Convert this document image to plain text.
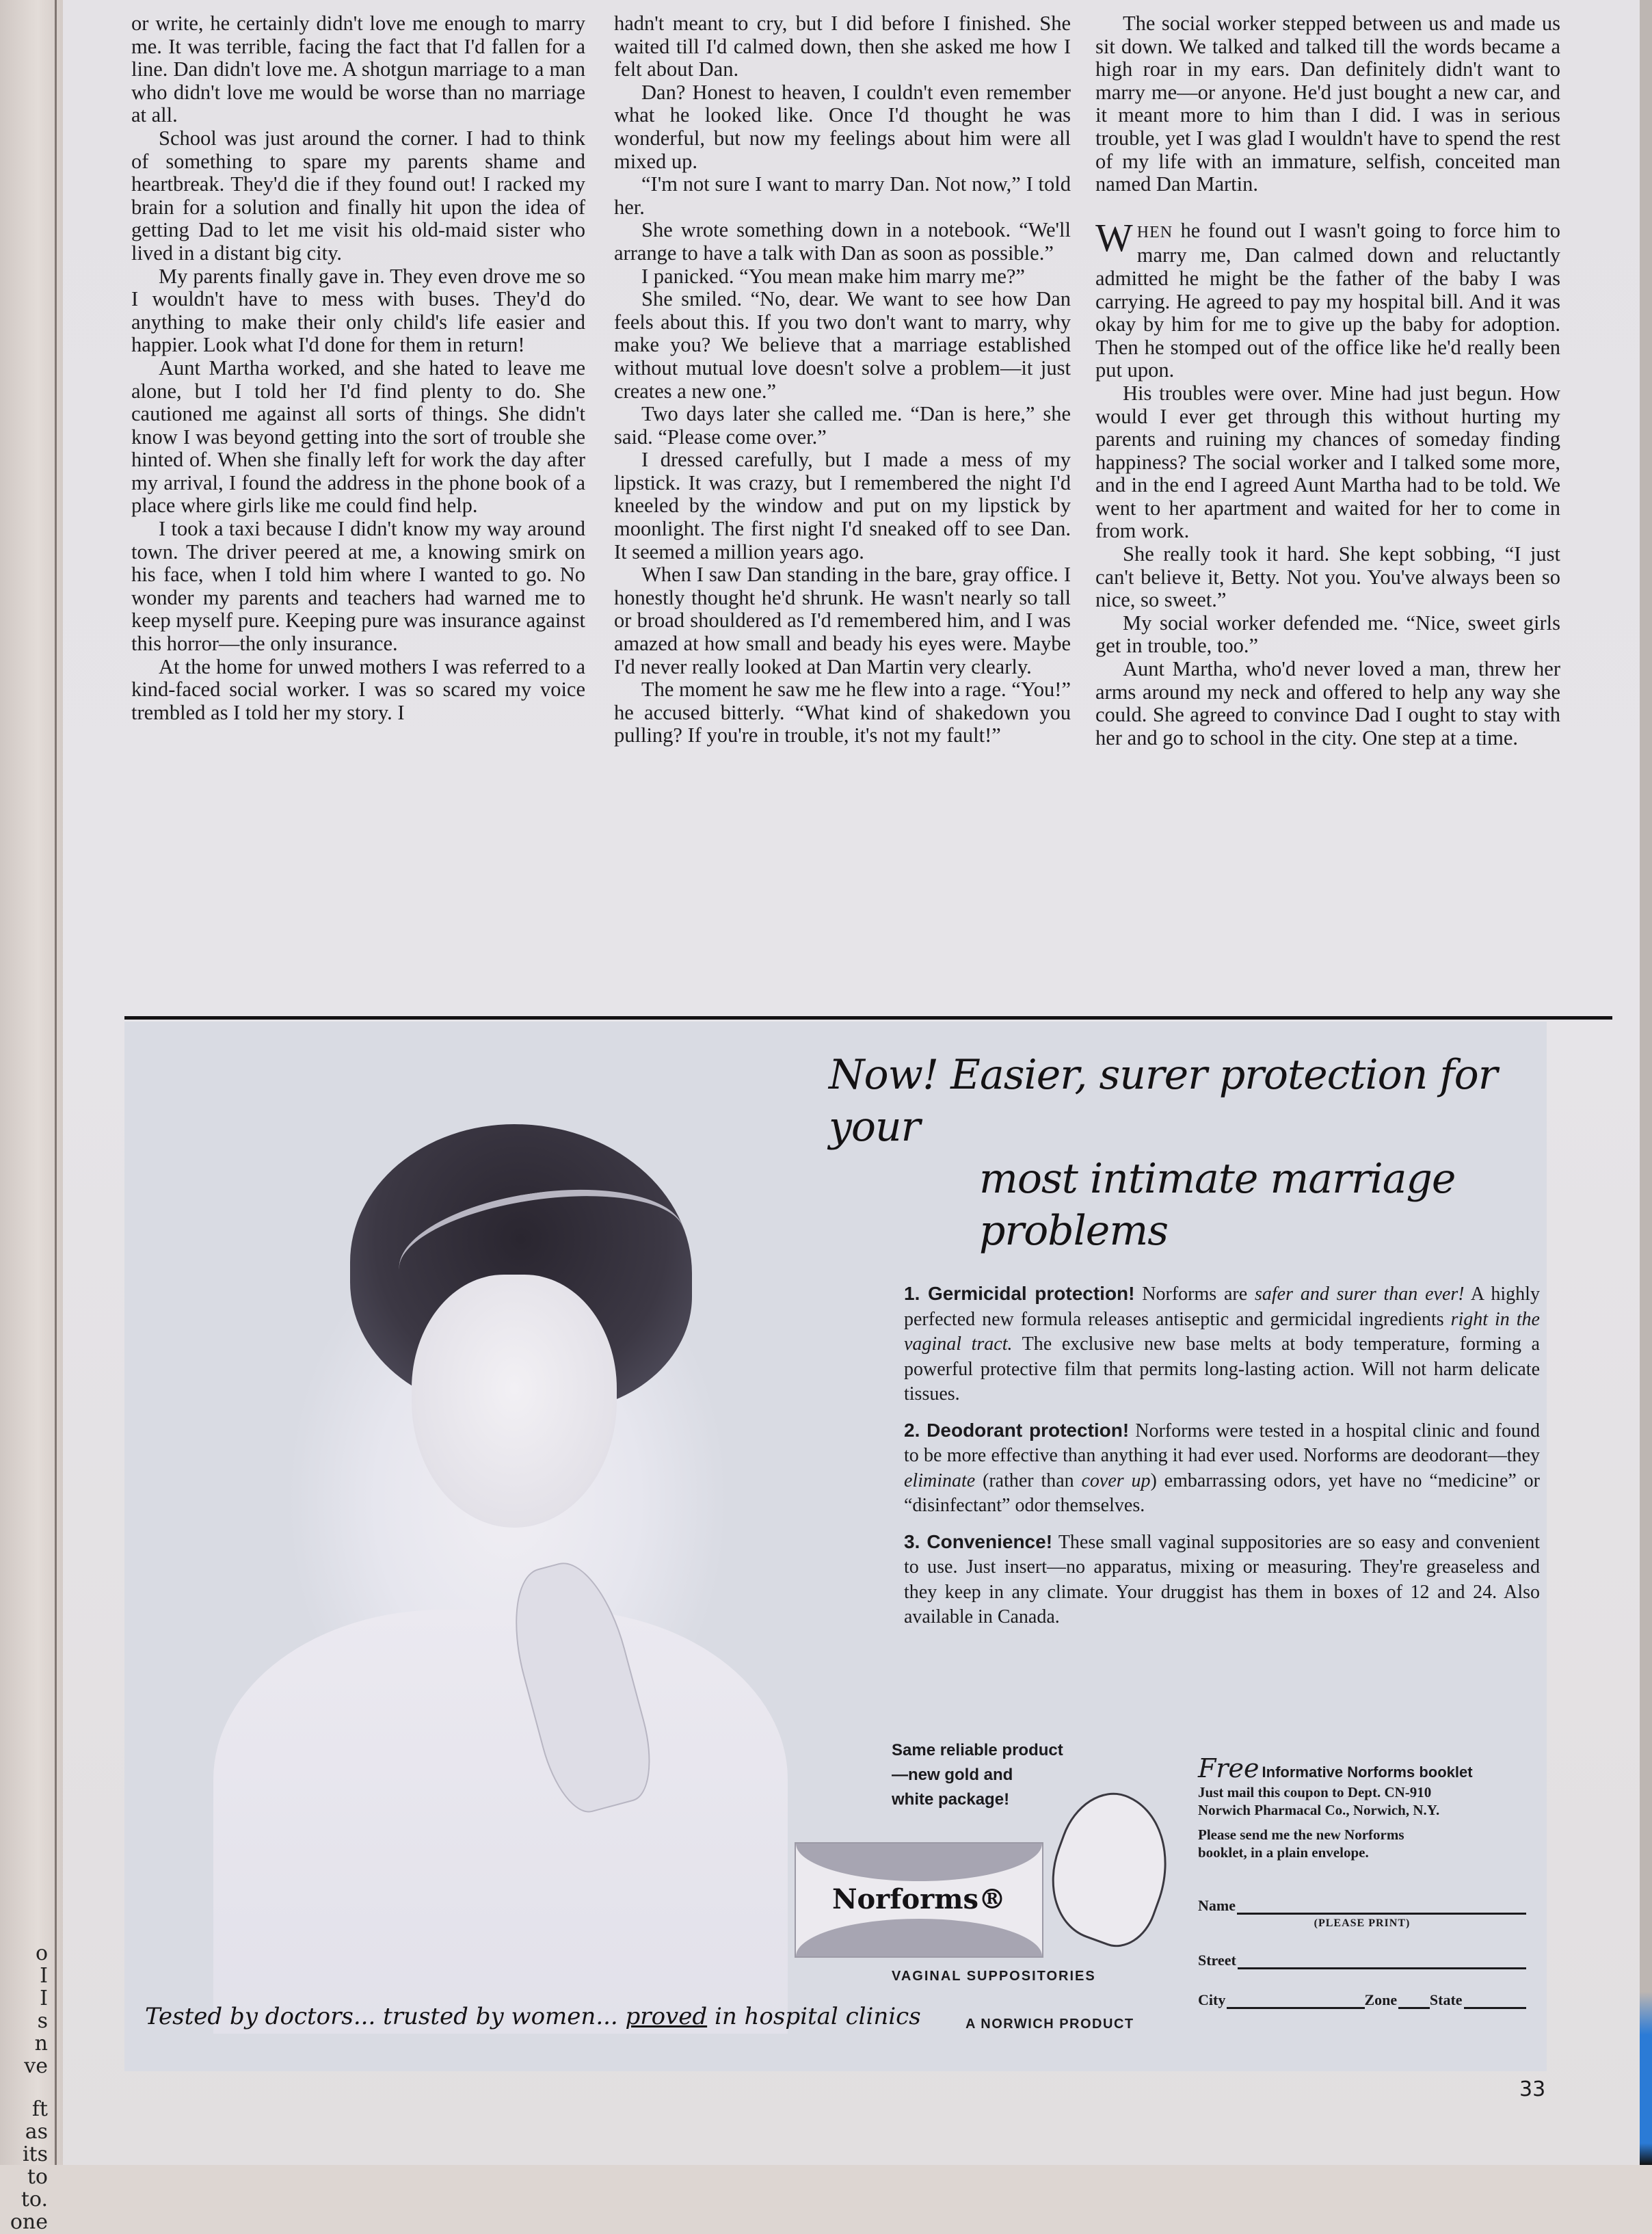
o
I
I
s
n
ve
ft
as
its
to
to.
one

or write, he certainly didn't love me enough to marry me. It was terrible, facing the fact that I'd fallen for a line. Dan didn't love me. A shotgun marriage to a man who didn't love me would be worse than no marriage at all.

School was just around the corner. I had to think of something to spare my parents shame and heartbreak. They'd die if they found out! I racked my brain for a solution and finally hit upon the idea of getting Dad to let me visit his old-maid sister who lived in a distant big city.

My parents finally gave in. They even drove me so I wouldn't have to mess with buses. They'd do anything to make their only child's life easier and happier. Look what I'd done for them in return!

Aunt Martha worked, and she hated to leave me alone, but I told her I'd find plenty to do. She cautioned me against all sorts of things. She didn't know I was beyond getting into the sort of trouble she hinted of. When she finally left for work the day after my arrival, I found the address in the phone book of a place where girls like me could find help.

I took a taxi because I didn't know my way around town. The driver peered at me, a knowing smirk on his face, when I told him where I wanted to go. No wonder my parents and teachers had warned me to keep myself pure. Keeping pure was insurance against this horror—the only insurance.

At the home for unwed mothers I was referred to a kind-faced social worker. I was so scared my voice trembled as I told her my story. I

hadn't meant to cry, but I did before I finished. She waited till I'd calmed down, then she asked me how I felt about Dan.

Dan? Honest to heaven, I couldn't even remember what he looked like. Once I'd thought he was wonderful, but now my feelings about him were all mixed up.

“I'm not sure I want to marry Dan. Not now,” I told her.

She wrote something down in a notebook. “We'll arrange to have a talk with Dan as soon as possible.”

I panicked. “You mean make him marry me?”

She smiled. “No, dear. We want to see how Dan feels about this. If you two don't want to marry, why make you? We believe that a marriage established without mutual love doesn't solve a problem—it just creates a new one.”

Two days later she called me. “Dan is here,” she said. “Please come over.”

I dressed carefully, but I made a mess of my lipstick. It was crazy, but I remembered the night I'd kneeled by the window and put on my lipstick by moonlight. The first night I'd sneaked off to see Dan. It seemed a million years ago.

When I saw Dan standing in the bare, gray office. I honestly thought he'd shrunk. He wasn't nearly so tall or broad shouldered as I'd remembered him, and I was amazed at how small and beady his eyes were. Maybe I'd never really looked at Dan Martin very clearly.

The moment he saw me he flew into a rage. “You!” he accused bitterly. “What kind of shakedown you pulling? If you're in trouble, it's not my fault!”

The social worker stepped between us and made us sit down. We talked and talked till the words became a high roar in my ears. Dan definitely didn't want to marry me—or anyone. He'd just bought a new car, and it meant more to him than I did. I was in serious trouble, yet I was glad I wouldn't have to spend the rest of my life with an immature, selfish, conceited man named Dan Martin.

WHEN he found out I wasn't going to force him to marry me, Dan calmed down and reluctantly admitted he might be the father of the baby I was carrying. He agreed to pay my hospital bill. And it was okay by him for me to give up the baby for adoption. Then he stomped out of the office like he'd really been put upon.

His troubles were over. Mine had just begun. How would I ever get through this without hurting my parents and ruining my chances of someday finding happiness? The social worker and I talked some more, and in the end I agreed Aunt Martha had to be told. We went to her apartment and waited for her to come in from work.

She really took it hard. She kept sobbing, “I just can't believe it, Betty. Not you. You've always been so nice, so sweet.”

My social worker defended me. “Nice, sweet girls get in trouble, too.”

Aunt Martha, who'd never loved a man, threw her arms around my neck and offered to help any way she could. She agreed to convince Dad I ought to stay with her and go to school in the city. One step at a time.

Tested by doctors... trusted by women... proved in hospital clinics
Now! Easier, surer protection for your
most intimate marriage problems

1. Germicidal protection! Norforms are safer and surer than ever! A highly perfected new formula releases antiseptic and germicidal ingredients right in the vaginal tract. The exclusive new base melts at body temperature, forming a powerful protective film that permits long-lasting action. Will not harm delicate tissues.

2. Deodorant protection! Norforms were tested in a hospital clinic and found to be more effective than anything it had ever used. Norforms are deodorant—they eliminate (rather than cover up) embarrassing odors, yet have no “medicine” or “disinfectant” odor themselves.

3. Convenience! These small vaginal suppositories are so easy and convenient to use. Just insert—no apparatus, mixing or measuring. They're greaseless and they keep in any climate. Your druggist has them in boxes of 12 and 24. Also available in Canada.

Same reliable product
—new gold and
white package!
Norforms®
VAGINAL SUPPOSITORIES
A NORWICH PRODUCT
Free Informative Norforms booklet
Just mail this coupon to Dept. CN-910
Norwich Pharmacal Co., Norwich, N.Y.
Please send me the new Norforms
booklet, in a plain envelope.
Name
(PLEASE PRINT)
Street
City	Zone State
33
